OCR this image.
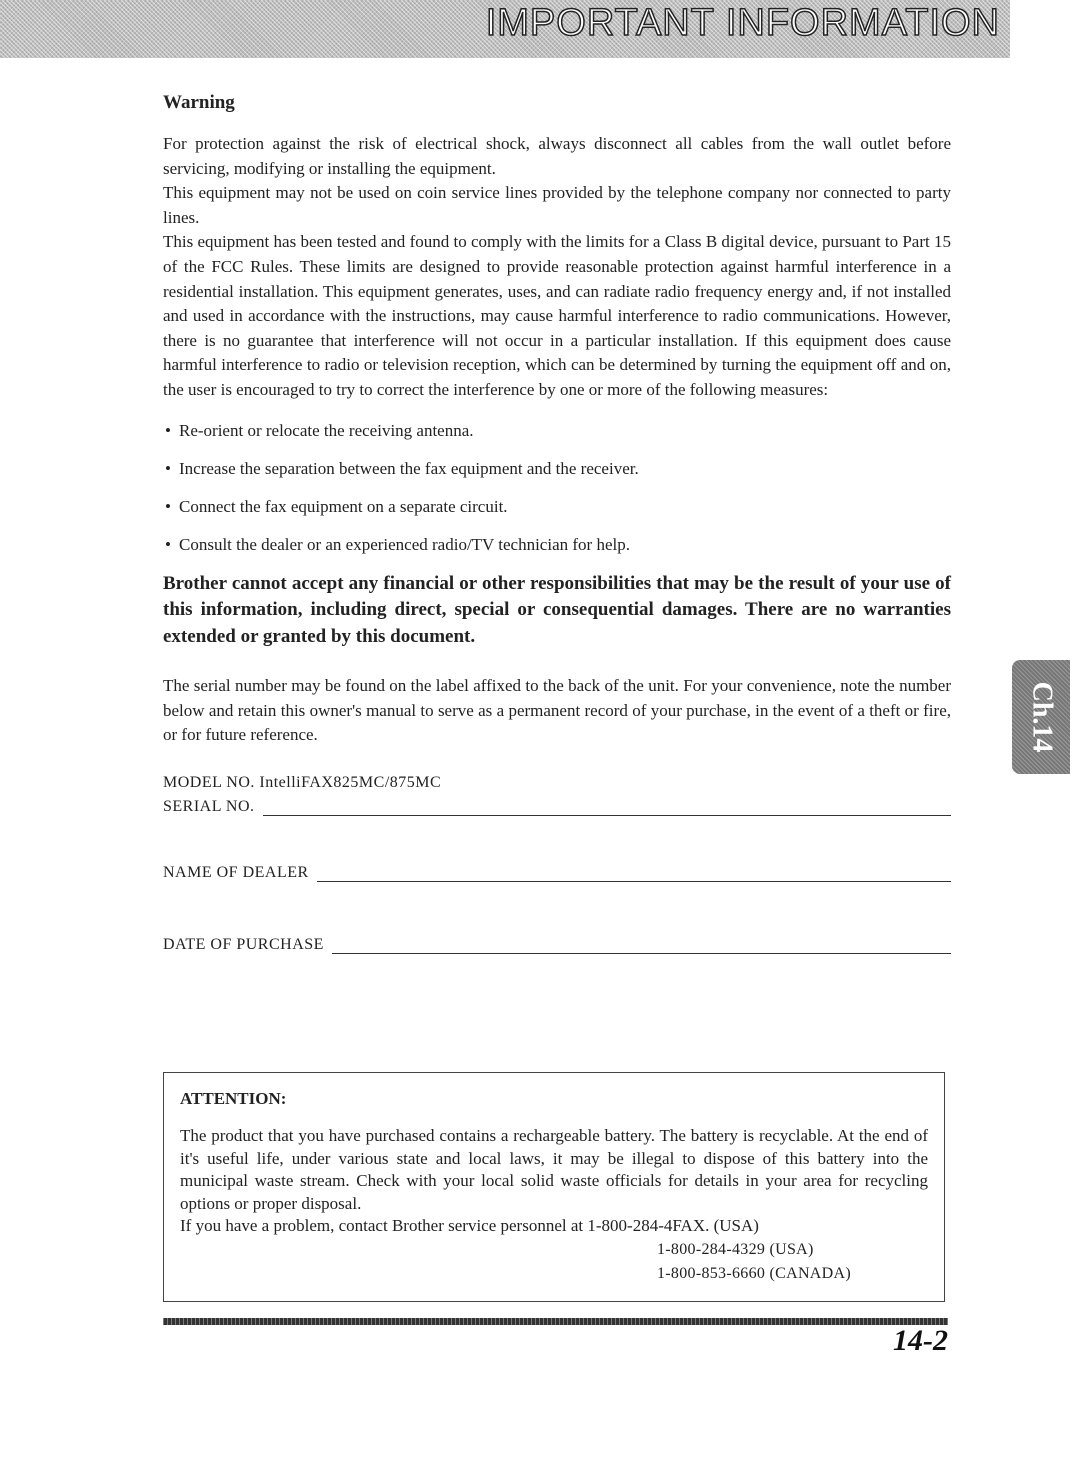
IMPORTANT INFORMATION
Warning

For protection against the risk of electrical shock, always disconnect all cables from the wall outlet before servicing, modifying or installing the equipment.

This equipment may not be used on coin service lines provided by the telephone company nor connected to party lines.

This equipment has been tested and found to comply with the limits for a Class B digital device, pursuant to Part 15 of the FCC Rules. These limits are designed to provide reasonable protection against harmful interference in a residential installation. This equipment generates, uses, and can radiate radio frequency energy and, if not installed and used in accordance with the instructions, may cause harmful interference to radio communications. However, there is no guarantee that interference will not occur in a particular installation. If this equipment does cause harmful interference to radio or television reception, which can be determined by turning the equipment off and on, the user is encouraged to try to correct the interference by one or more of the following measures:

• Re-orient or relocate the receiving antenna.
• Increase the separation between the fax equipment and the receiver.
• Connect the fax equipment on a separate circuit.
• Consult the dealer or an experienced radio/TV technician for help.

Brother cannot accept any financial or other responsibilities that may be the result of your use of this information, including direct, special or consequential damages. There are no warranties extended or granted by this document.

The serial number may be found on the label affixed to the back of the unit. For your convenience, note the number below and retain this owner's manual to serve as a permanent record of your purchase, in the event of a theft or fire, or for future reference.

MODEL NO. IntelliFAX825MC/875MC
SERIAL NO.
NAME OF DEALER
DATE OF PURCHASE
ATTENTION:

The product that you have purchased contains a rechargeable battery. The battery is recyclable. At the end of it's useful life, under various state and local laws, it may be illegal to dispose of this battery into the municipal waste stream. Check with your local solid waste officials for details in your area for recycling options or proper disposal.

If you have a problem, contact Brother service personnel at 1-800-284-4FAX. (USA)

1-800-284-4329 (USA)
1-800-853-6660 (CANADA)
14-2
Ch.14
